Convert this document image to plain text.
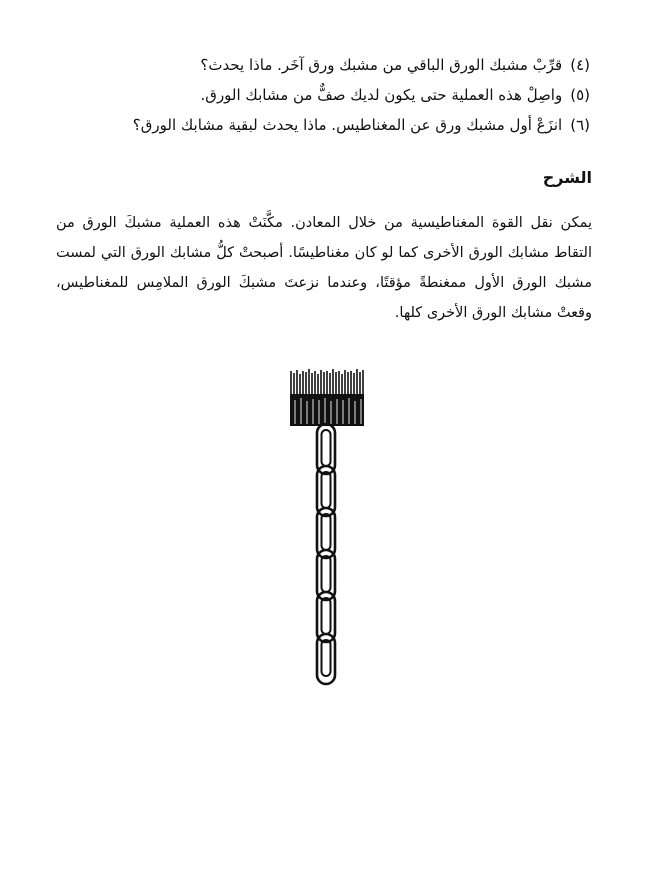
(٤)قرِّبْ مشبك الورق الباقي من مشبك ورق آخَر. ماذا يحدث؟
(٥)واصِلْ هذه العملية حتى يكون لديك صفٌّ من مشابك الورق.
(٦)انزَعْ أول مشبك ورق عن المغناطيس. ماذا يحدث لبقية مشابك الورق؟
الشرح

يمكن نقل القوة المغناطيسية من خلال المعادن. مكَّنَتْ هذه العملية مشبكَ الورق من التقاط مشابك الورق الأخرى كما لو كان مغناطيسًا. أصبحتْ كلُّ مشابك الورق التي لمست مشبك الورق الأول ممغنطةً مؤقتًا، وعندما نزعتَ مشبكَ الورق الملامِس للمغناطيس، وقعتْ مشابك الورق الأخرى كلها.
